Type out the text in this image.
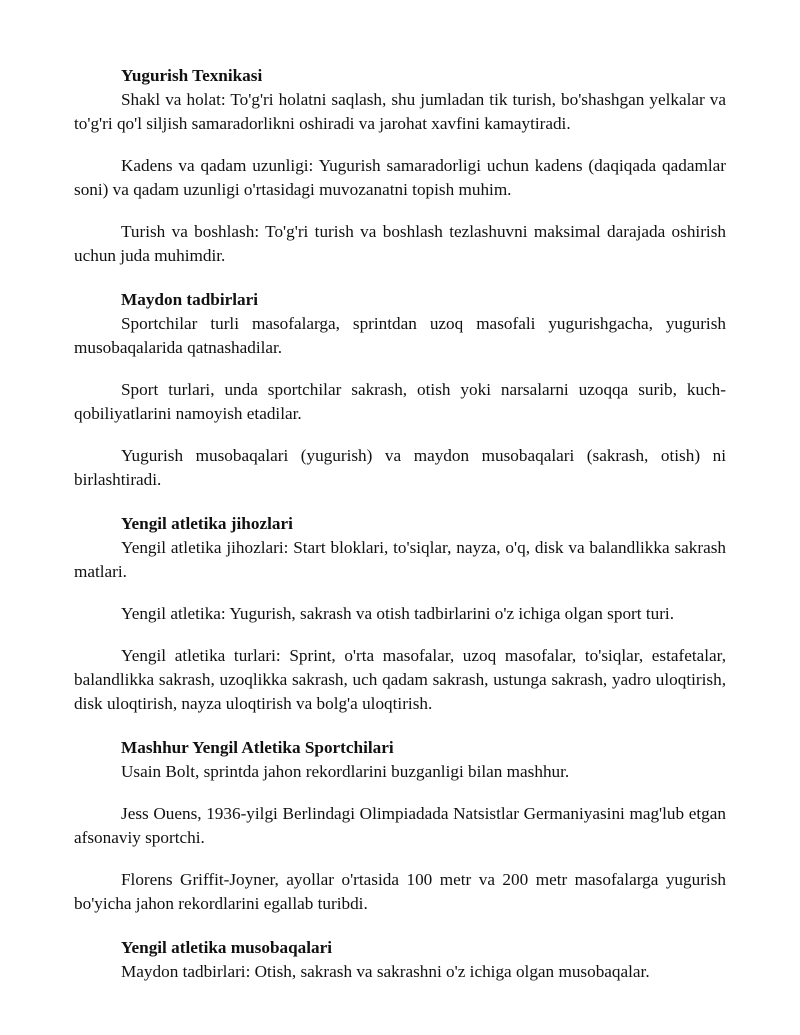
Yugurish Texnikasi

Shakl va holat: To'g'ri holatni saqlash, shu jumladan tik turish, bo'shashgan yelkalar va to'g'ri qo'l siljish samaradorlikni oshiradi va jarohat xavfini kamaytiradi.

Kadens va qadam uzunligi: Yugurish samaradorligi uchun kadens (daqiqada qadamlar soni) va qadam uzunligi o'rtasidagi muvozanatni topish muhim.

Turish va boshlash: To'g'ri turish va boshlash tezlashuvni maksimal darajada oshirish uchun juda muhimdir.

Maydon tadbirlari

Sportchilar turli masofalarga, sprintdan uzoq masofali yugurishgacha, yugurish musobaqalarida qatnashadilar.

Sport turlari, unda sportchilar sakrash, otish yoki narsalarni uzoqqa surib, kuch-qobiliyatlarini namoyish etadilar.

Yugurish musobaqalari (yugurish) va maydon musobaqalari (sakrash, otish) ni birlashtiradi.

Yengil atletika jihozlari

Yengil atletika jihozlari: Start bloklari, to'siqlar, nayza, o'q, disk va balandlikka sakrash matlari.

Yengil atletika: Yugurish, sakrash va otish tadbirlarini o'z ichiga olgan sport turi.

Yengil atletika turlari: Sprint, o'rta masofalar, uzoq masofalar, to'siqlar, estafetalar, balandlikka sakrash, uzoqlikka sakrash, uch qadam sakrash, ustunga sakrash, yadro uloqtirish, disk uloqtirish, nayza uloqtirish va bolg'a uloqtirish.

Mashhur Yengil Atletika Sportchilari

Usain Bolt, sprintda jahon rekordlarini buzganligi bilan mashhur.

Jess Ouens, 1936-yilgi Berlindagi Olimpiadada Natsistlar Germaniyasini mag'lub etgan afsonaviy sportchi.

Florens Griffit-Joyner, ayollar o'rtasida 100 metr va 200 metr masofalarga yugurish bo'yicha jahon rekordlarini egallab turibdi.

Yengil atletika musobaqalari

Maydon tadbirlari: Otish, sakrash va sakrashni o'z ichiga olgan musobaqalar.
